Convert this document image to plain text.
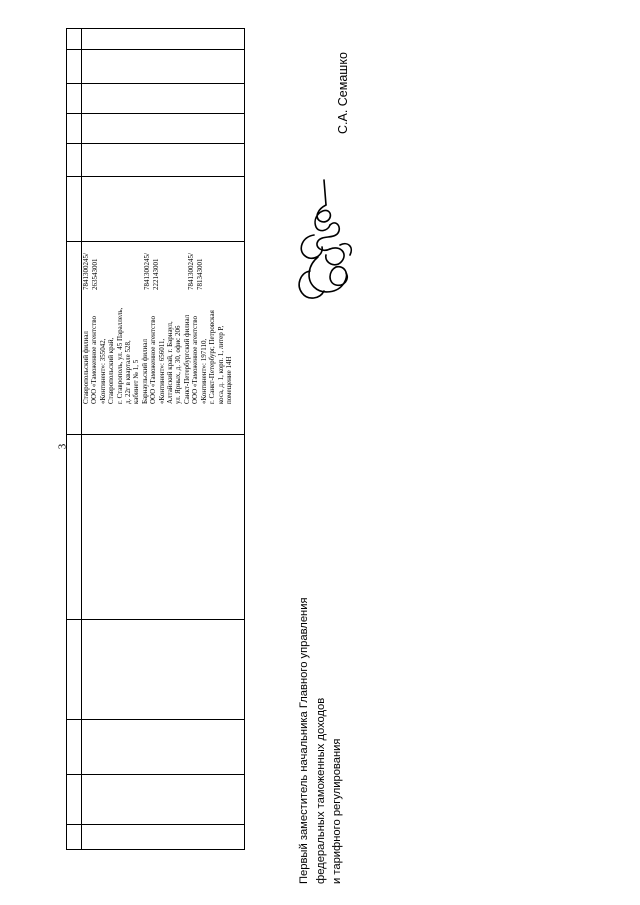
3
Ставропольский филиал ООО «Таможенное агентство «Континент»: 355042, Ставропольский край, г. Ставрополь, ул. 45 Параллель, д. 22г в квартале 528, кабинет № 1, 5 Барнаульский филиал ООО «Таможенное агентство «Континент»: 656011, Алтайский край, г. Барнаул, ул. Ярных, д. 30, офис 206 Санкт-Петербургский филиал ООО «Таможенное агентство «Континент»: 197110, г. Санкт-Петербург, Петровская коса, д. 1, корп. 1, литер Р, помещение 14Н
7841300245/ 263543001	7841300245/ 222143001	7841300245/ 781343001
Первый заместитель начальника Главного управления федеральных таможенных доходов и тарифного регулирования
С.А. Семашко
